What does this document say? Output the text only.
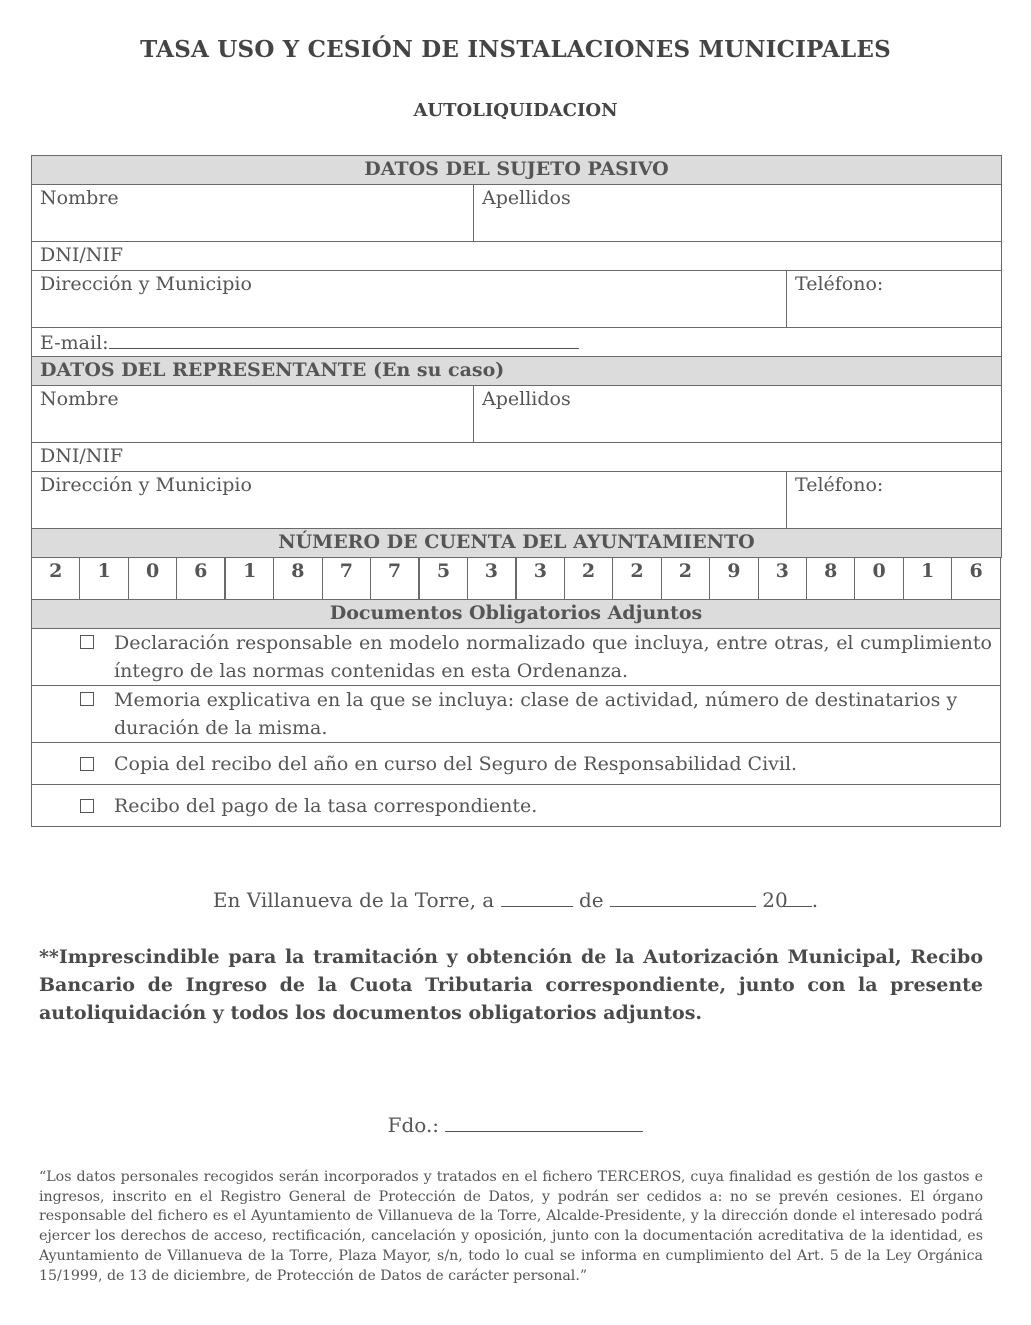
TASA USO Y CESIÓN DE INSTALACIONES MUNICIPALES
AUTOLIQUIDACION
DATOS DEL SUJETO PASIVO		
Nombre	Apellidos	
DNI/NIF		
Dirección y Municipio		Teléfono:
E-mail:		
DATOS DEL REPRESENTANTE (En su caso)		
Nombre	Apellidos	
DNI/NIF		
Dirección y Municipio		Teléfono:
NÚMERO DE CUENTA DEL AYUNTAMIENTO		
2	1	0	6	1	8	7	7	5	3	3	2	2	2	9	3	8	0	1	6
Documentos Obligatorios Adjuntos

Declaración responsable en modelo normalizado que incluya, entre otras, el cumplimiento íntegro de las normas contenidas en esta Ordenanza.

Memoria explicativa en la que se incluya: clase de actividad, número de destinatarios y duración de la misma.

Copia del recibo del año en curso del Seguro de Responsabilidad Civil.

Recibo del pago de la tasa correspondiente.
En Villanueva de la Torre, a	de	20 .
**Imprescindible para la tramitación y obtención de la Autorización Municipal, Recibo Bancario de Ingreso de la Cuota Tributaria correspondiente, junto con la presente autoliquidación y todos los documentos obligatorios adjuntos.
Fdo.:
“Los datos personales recogidos serán incorporados y tratados en el fichero TERCEROS, cuya finalidad es gestión de los gastos e ingresos, inscrito en el Registro General de Protección de Datos, y podrán ser cedidos a: no se prevén cesiones. El órgano responsable del fichero es el Ayuntamiento de Villanueva de la Torre, Alcalde-Presidente, y la dirección donde el interesado podrá ejercer los derechos de acceso, rectificación, cancelación y oposición, junto con la documentación acreditativa de la identidad, es Ayuntamiento de Villanueva de la Torre, Plaza Mayor, s/n, todo lo cual se informa en cumplimiento del Art. 5 de la Ley Orgánica 15/1999, de 13 de diciembre, de Protección de Datos de carácter personal.”
